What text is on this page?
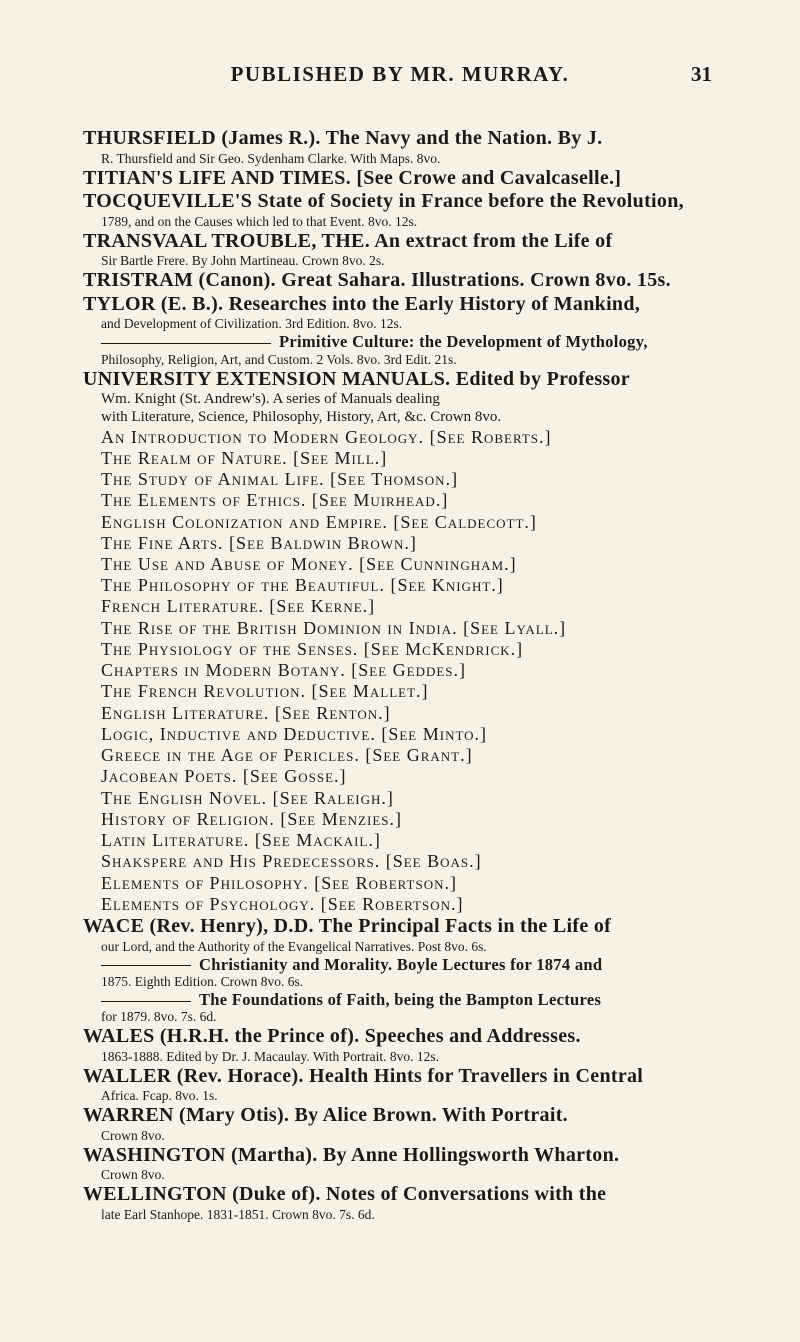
PUBLISHED BY MR. MURRAY.	31
THURSFIELD (James R.). The Navy and the Nation. By J.
R. Thursfield and Sir Geo. Sydenham Clarke. With Maps. 8vo.
TITIAN'S LIFE AND TIMES. [See Crowe and Cavalcaselle.]
TOCQUEVILLE'S State of Society in France before the Revolution,
1789, and on the Causes which led to that Event. 8vo. 12s.
TRANSVAAL TROUBLE, THE. An extract from the Life of
Sir Bartle Frere. By John Martineau. Crown 8vo. 2s.
TRISTRAM (Canon). Great Sahara. Illustrations. Crown 8vo. 15s.
TYLOR (E. B.). Researches into the Early History of Mankind,
and Development of Civilization. 3rd Edition. 8vo. 12s.
Primitive Culture: the Development of Mythology,
Philosophy, Religion, Art, and Custom. 2 Vols. 8vo. 3rd Edit. 21s.
UNIVERSITY EXTENSION MANUALS. Edited by Professor
Wm. Knight (St. Andrew's). A series of Manuals dealing
with Literature, Science, Philosophy, History, Art, &c. Crown 8vo.
An Introduction to Modern Geology. [See Roberts.]
The Realm of Nature. [See Mill.]
The Study of Animal Life. [See Thomson.]
The Elements of Ethics. [See Muirhead.]
English Colonization and Empire. [See Caldecott.]
The Fine Arts. [See Baldwin Brown.]
The Use and Abuse of Money. [See Cunningham.]
The Philosophy of the Beautiful. [See Knight.]
French Literature. [See Kerne.]
The Rise of the British Dominion in India. [See Lyall.]
The Physiology of the Senses. [See McKendrick.]
Chapters in Modern Botany. [See Geddes.]
The French Revolution. [See Mallet.]
English Literature. [See Renton.]
Logic, Inductive and Deductive. [See Minto.]
Greece in the Age of Pericles. [See Grant.]
Jacobean Poets. [See Gosse.]
The English Novel. [See Raleigh.]
History of Religion. [See Menzies.]
Latin Literature. [See Mackail.]
Shakspere and His Predecessors. [See Boas.]
Elements of Philosophy. [See Robertson.]
Elements of Psychology. [See Robertson.]
WACE (Rev. Henry), D.D. The Principal Facts in the Life of
our Lord, and the Authority of the Evangelical Narratives. Post 8vo. 6s.
Christianity and Morality. Boyle Lectures for 1874 and
1875. Eighth Edition. Crown 8vo. 6s.
The Foundations of Faith, being the Bampton Lectures
for 1879. 8vo. 7s. 6d.
WALES (H.R.H. the Prince of). Speeches and Addresses.
1863-1888. Edited by Dr. J. Macaulay. With Portrait. 8vo. 12s.
WALLER (Rev. Horace). Health Hints for Travellers in Central
Africa. Fcap. 8vo. 1s.
WARREN (Mary Otis). By Alice Brown. With Portrait.
Crown 8vo.
WASHINGTON (Martha). By Anne Hollingsworth Wharton.
Crown 8vo.
WELLINGTON (Duke of). Notes of Conversations with the
late Earl Stanhope. 1831-1851. Crown 8vo. 7s. 6d.
